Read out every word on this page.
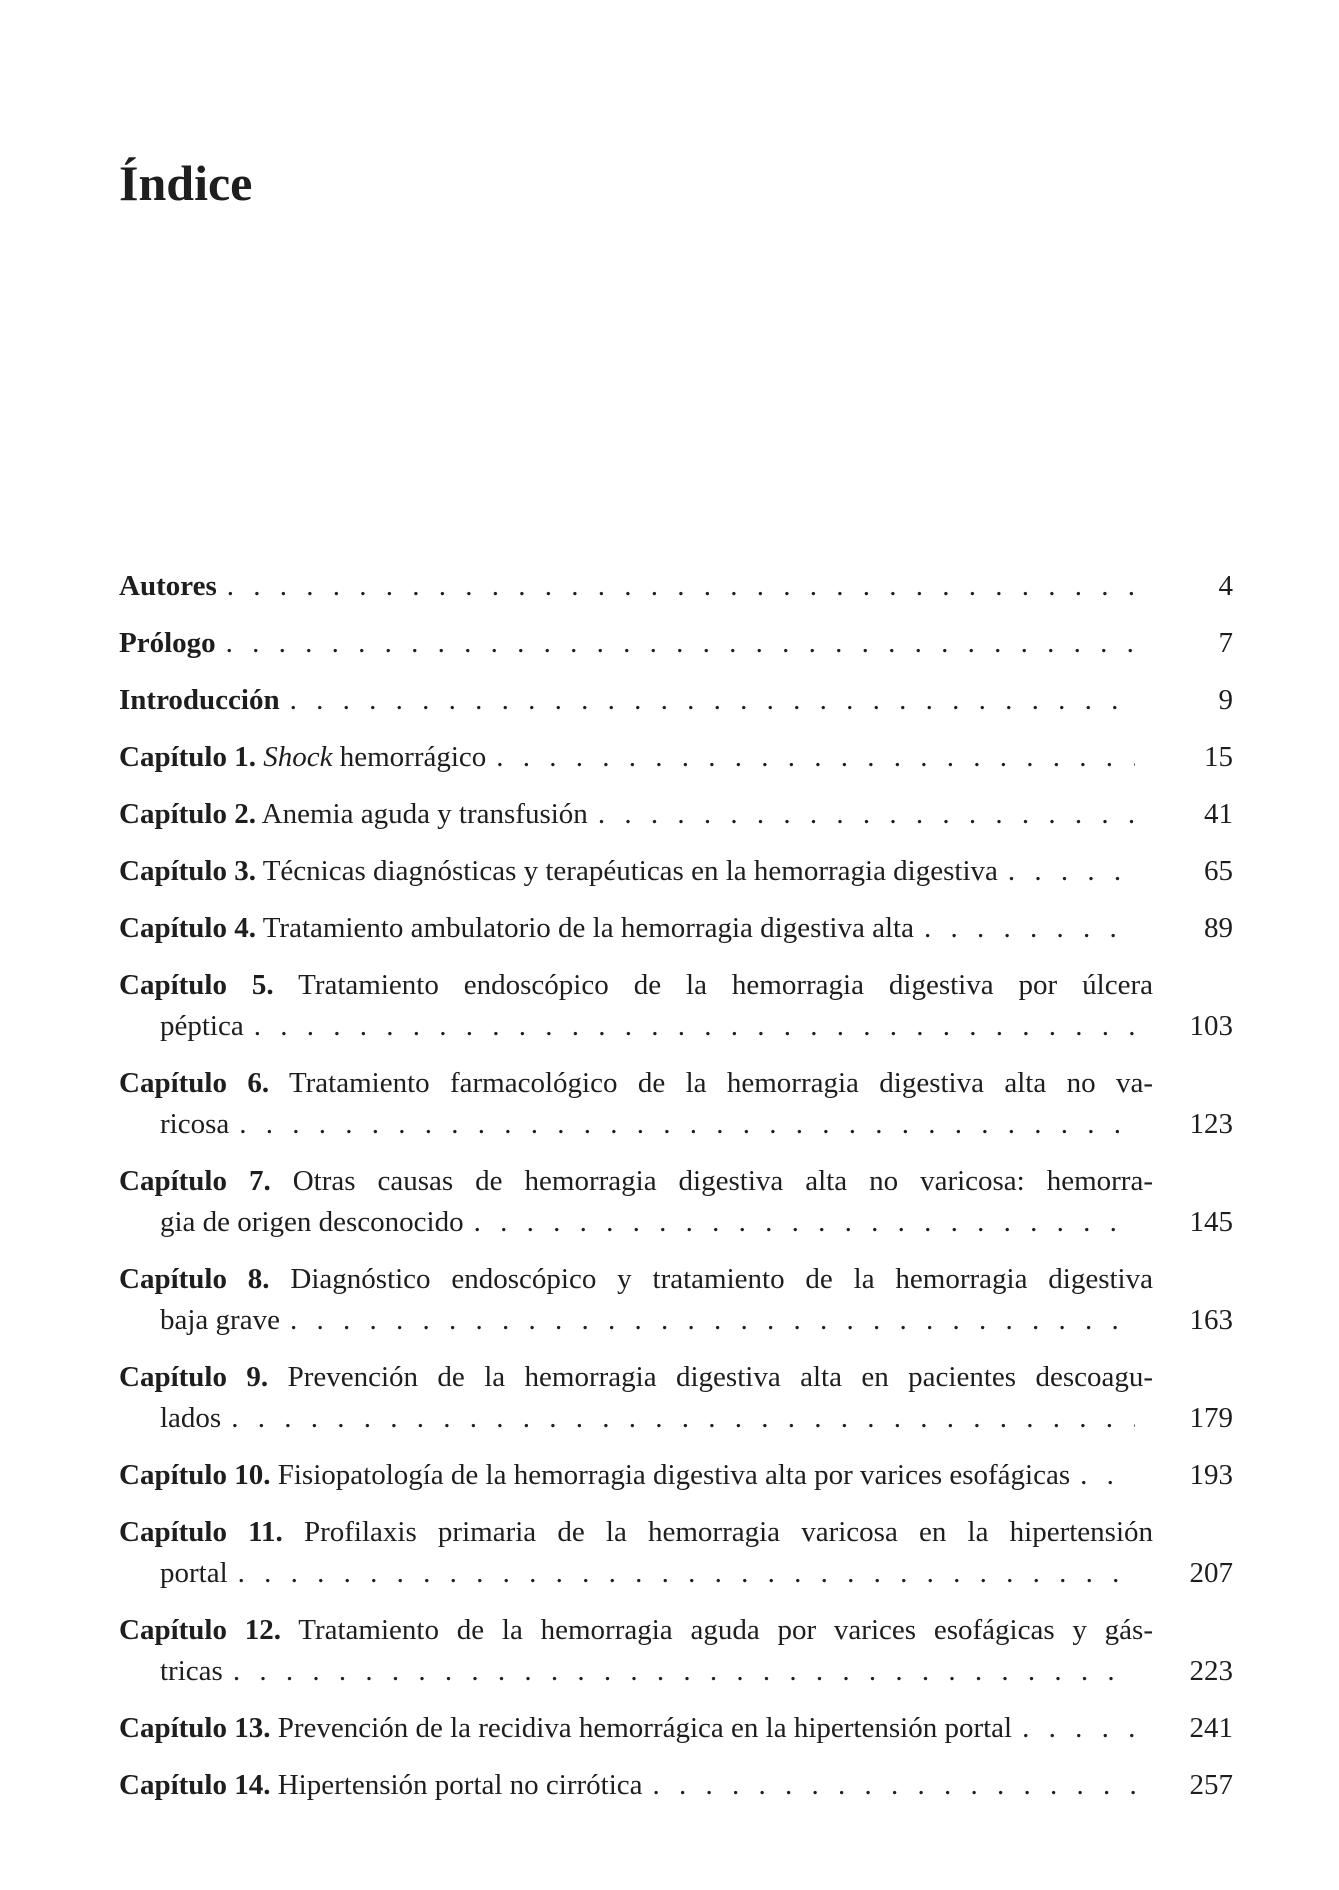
Índice
Autores . . .	4
Prólogo . . .	7
Introducción . . .	9
Capítulo 1. Shock hemorrágico . . .	15
Capítulo 2. Anemia aguda y transfusión . . .	41
Capítulo 3. Técnicas diagnósticas y terapéuticas en la hemorragia digestiva . . .	65
Capítulo 4. Tratamiento ambulatorio de la hemorragia digestiva alta . . .	89
Capítulo 5. Tratamiento endoscópico de la hemorragia digestiva por úlcera
péptica . . .	103
Capítulo 6. Tratamiento farmacológico de la hemorragia digestiva alta no va-
ricosa . . .	123
Capítulo 7. Otras causas de hemorragia digestiva alta no varicosa: hemorra-
gia de origen desconocido . . .	145
Capítulo 8. Diagnóstico endoscópico y tratamiento de la hemorragia digestiva
baja grave . . .	163
Capítulo 9. Prevención de la hemorragia digestiva alta en pacientes descoagu-
lados . . .	179
Capítulo 10. Fisiopatología de la hemorragia digestiva alta por varices esofágicas . . .	193
Capítulo 11. Profilaxis primaria de la hemorragia varicosa en la hipertensión
portal . . .	207
Capítulo 12. Tratamiento de la hemorragia aguda por varices esofágicas y gás-
tricas . . .	223
Capítulo 13. Prevención de la recidiva hemorrágica en la hipertensión portal . . .	241
Capítulo 14. Hipertensión portal no cirrótica . . .	257
